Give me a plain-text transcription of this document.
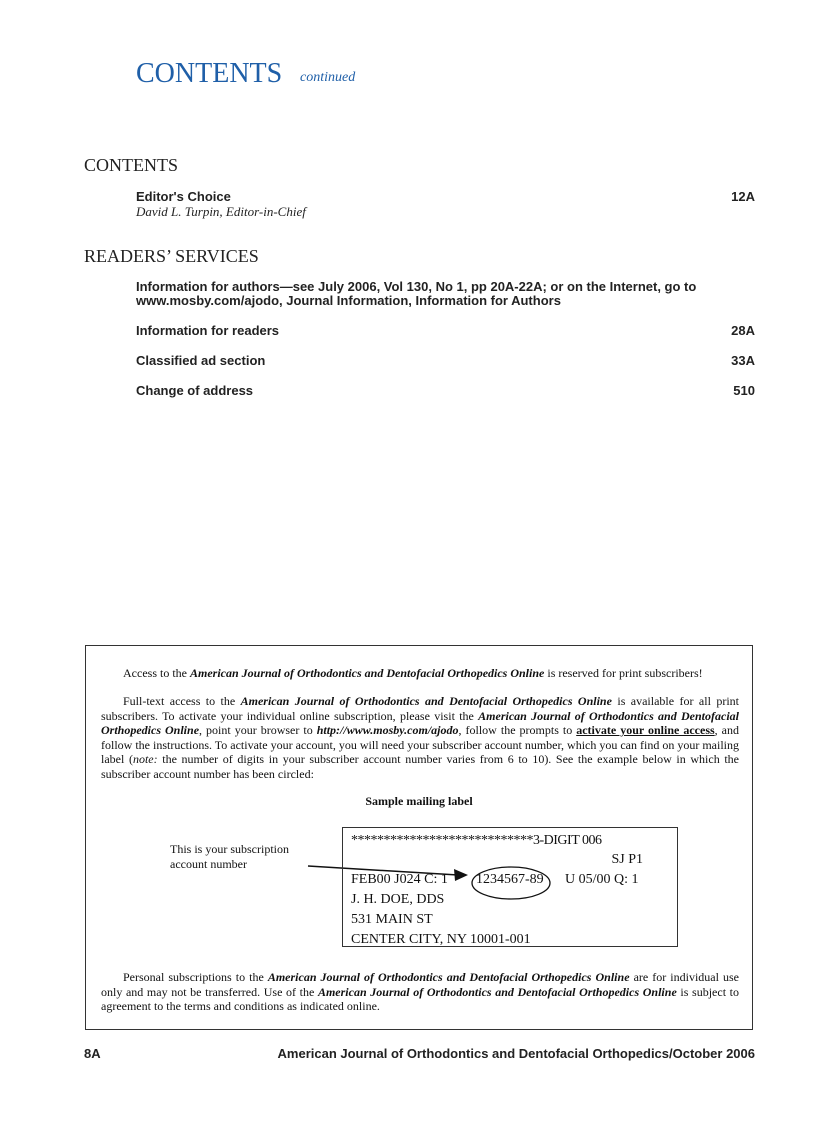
CONTENTS continued
CONTENTS
Editor's Choice	12A
David L. Turpin, Editor-in-Chief
READERS’ SERVICES
Information for authors—see July 2006, Vol 130, No 1, pp 20A-22A; or on the Internet, go to www.mosby.com/ajodo, Journal Information, Information for Authors
Information for readers	28A
Classified ad section	33A
Change of address	510
Access to the American Journal of Orthodontics and Dentofacial Orthopedics Online is reserved for print subscribers!
Full-text access to the American Journal of Orthodontics and Dentofacial Orthopedics Online is available for all print subscribers. To activate your individual online subscription, please visit the American Journal of Orthodontics and Dentofacial Orthopedics Online, point your browser to http://www.mosby.com/ajodo, follow the prompts to activate your online access, and follow the instructions. To activate your account, you will need your subscriber account number, which you can find on your mailing label (note: the number of digits in your subscriber account number varies from 6 to 10). See the example below in which the subscriber account number has been circled:
Sample mailing label
This is your subscription account number
Personal subscriptions to the American Journal of Orthodontics and Dentofacial Orthopedics Online are for individual use only and may not be transferred. Use of the American Journal of Orthodontics and Dentofacial Orthopedics Online is subject to agreement to the terms and conditions as indicated online.
****************************3-DIGIT 006
SJ P1
FEB00 J024 C: 1 1234567-89 U 05/00 Q: 1
J. H. DOE, DDS
531 MAIN ST
CENTER CITY, NY 10001-001
8A	American Journal of Orthodontics and Dentofacial Orthopedics/October 2006
